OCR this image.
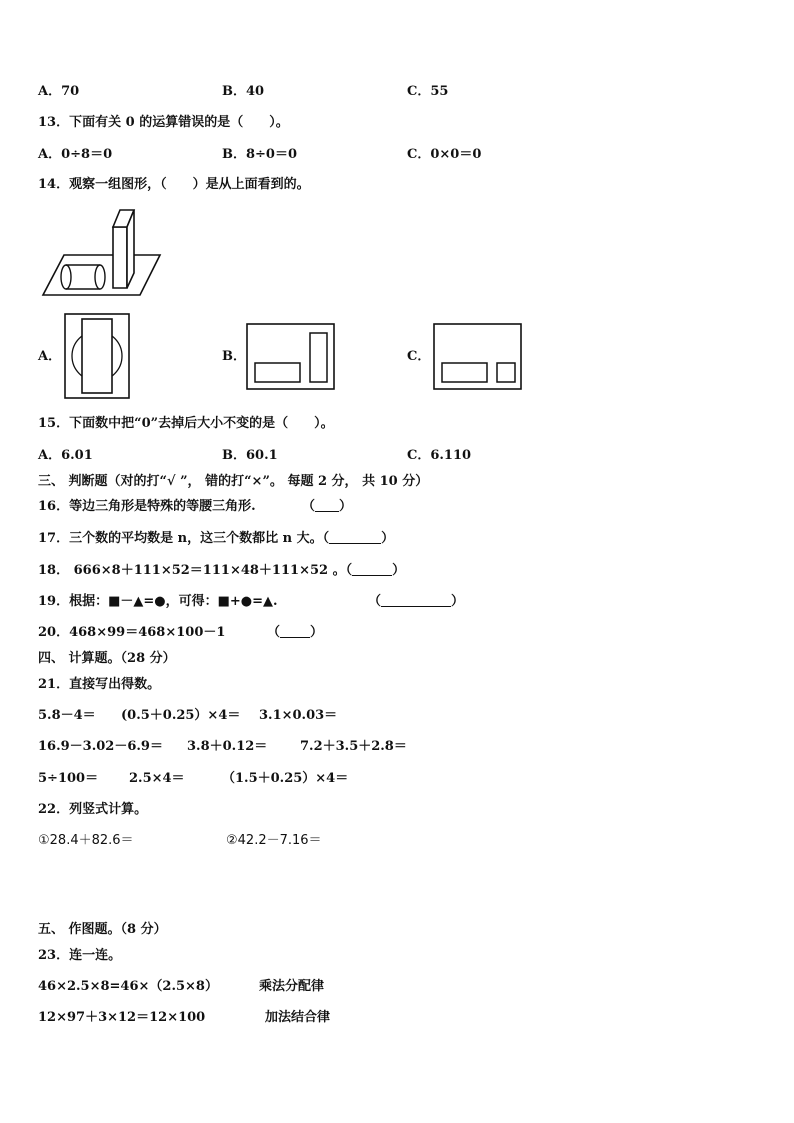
A．70	B．40	C．55
13．下面有关 0 的运算错误的是（　　）。
A．0÷8＝0	B．8÷0＝0	C．0×0＝0
14．观察一组图形，（　　）是从上面看到的。
A．	B．	C．
15．下面数中把“0”去掉后大小不变的是（　　）。
A．6.01	B．60.1	C．6.110
三、 判断题（对的打“√ ”， 错的打“×”。 每题 2 分， 共 10 分）
16．等边三角形是特殊的等腰三角形.	（ ）
17．三个数的平均数是 n，这三个数都比 n 大。（	）
18． 666×8＋111×52＝111×48＋111×52 。（	）
19．根据：■－▲=●，可得：■+●=▲.	（	）
20．468×99＝468×100－1	（ ）
四、 计算题。（28 分）
21．直接写出得数。
5.8－4＝ (0.5＋0.25）×4＝ 3.1×0.03＝
16.9－3.02－6.9＝ 3.8＋0.12＝	7.2＋3.5＋2.8＝
5÷100＝ 2.5×4＝	（1.5＋0.25）×4＝
22．列竖式计算。
①28.4＋82.6＝	②42.2－7.16＝
五、 作图题。（8 分）
23．连一连。
46×2.5×8=46×（2.5×8）	乘法分配律
12×97＋3×12＝12×100	加法结合律
